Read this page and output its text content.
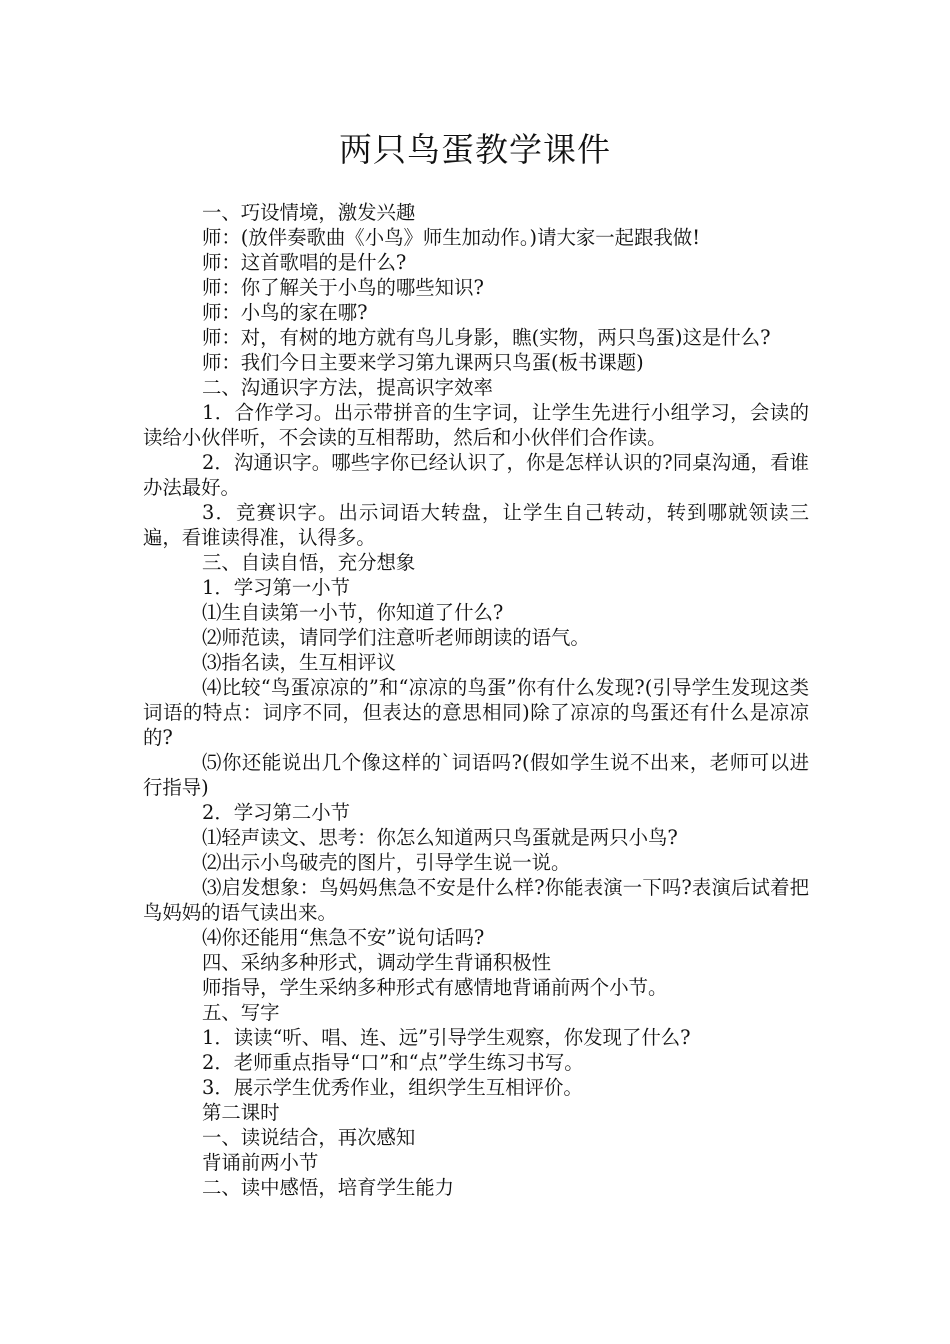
两只鸟蛋教学课件

一、巧设情境，激发兴趣

师：(放伴奏歌曲《小鸟》师生加动作。)请大家一起跟我做!

师：这首歌唱的是什么?

师：你了解关于小鸟的哪些知识?

师：小鸟的家在哪?

师：对，有树的地方就有鸟儿身影，瞧(实物，两只鸟蛋)这是什么?

师：我们今日主要来学习第九课两只鸟蛋(板书课题)

二、沟通识字方法，提高识字效率

1．合作学习。出示带拼音的生字词，让学生先进行小组学习，会读的读给小伙伴听，不会读的互相帮助，然后和小伙伴们合作读。

2．沟通识字。哪些字你已经认识了，你是怎样认识的?同桌沟通，看谁办法最好。

3．竞赛识字。出示词语大转盘，让学生自己转动，转到哪就领读三遍，看谁读得准，认得多。

三、自读自悟，充分想象

1．学习第一小节

⑴生自读第一小节，你知道了什么?

⑵师范读，请同学们注意听老师朗读的语气。

⑶指名读，生互相评议

⑷比较“鸟蛋凉凉的”和“凉凉的鸟蛋”你有什么发现?(引导学生发现这类词语的特点：词序不同，但表达的意思相同)除了凉凉的鸟蛋还有什么是凉凉的?

⑸你还能说出几个像这样的`词语吗?(假如学生说不出来，老师可以进行指导)

2．学习第二小节

⑴轻声读文、思考：你怎么知道两只鸟蛋就是两只小鸟?

⑵出示小鸟破壳的图片，引导学生说一说。

⑶启发想象：鸟妈妈焦急不安是什么样?你能表演一下吗?表演后试着把鸟妈妈的语气读出来。

⑷你还能用“焦急不安”说句话吗?

四、采纳多种形式，调动学生背诵积极性

师指导，学生采纳多种形式有感情地背诵前两个小节。

五、写字

1．读读“听、唱、连、远”引导学生观察，你发现了什么?

2．老师重点指导“口”和“点”学生练习书写。

3．展示学生优秀作业，组织学生互相评价。

第二课时

一、读说结合，再次感知

背诵前两小节

二、读中感悟，培育学生能力
